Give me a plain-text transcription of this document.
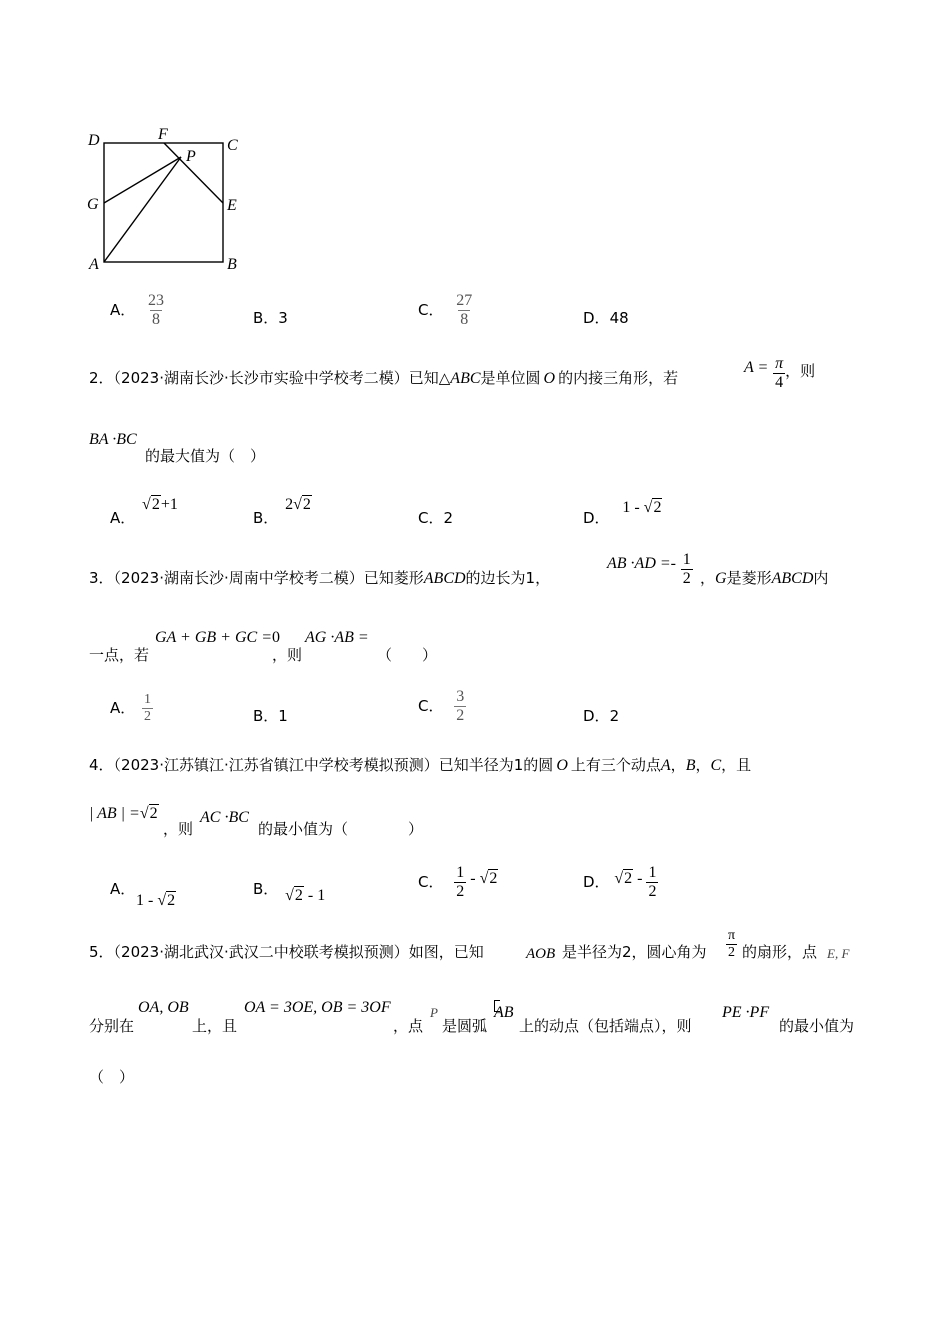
D	F
C
P
G	E
A	B
A． $\frac{23}{8}$	B．3	C． $\frac{27}{8}$	D．48
2．（2023·湖南长沙·长沙市实验中学校考二模）已知△ABC是单位圆 O 的内接三角形，若
$A = \frac{\pi}{4}$ ，则
BA ·BC
的最大值为（　）
A． √2+1
B． 2√2
C．2	D． 1 - √2
3．（2023·湖南长沙·周南中学校考二模）已知菱形ABCD的边长为1，
AB $\cdot AD =- \frac{1}{2}$ ，G是菱形ABCD内
一点，若
GA + GB + GC =0
，则
AG ·AB =
（　　）
A． $\frac{1}{2}$	B．1
C． $\frac{3}{2}$	D．2
4．（2023·江苏镇江·江苏省镇江中学校考模拟预测）已知半径为1的圆 O 上有三个动点A，B，C，且
| AB | =√2
，则
AC ·BC
的最小值为（　　　　）
A．
1 - √2
B． √2 - 1
C． $\frac{1}{2} - √2$	D． $√2 - \frac{1}{2}$
5．（2023·湖北武汉·武汉二中校联考模拟预测）如图，已知	AOB 是半径为2，圆心角为 $\frac{\pi}{2}$ 的扇形，点 E, F
分别在
OA, OB
上，且
OA = 3OE, OB = 3OF
，点
P
是圆弧
AB
上的动点（包括端点），则
PE ·PF
的最小值为
（　）
